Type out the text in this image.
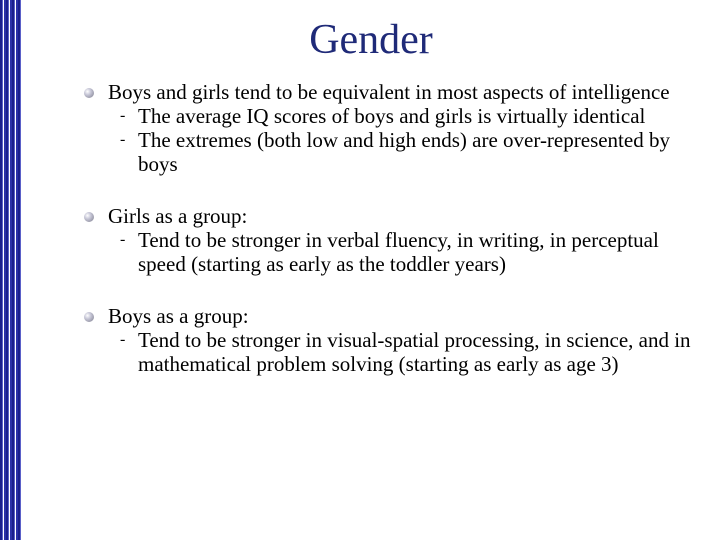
Gender
Boys and girls tend to be equivalent in most aspects of intelligence
- The average IQ scores of boys and girls is virtually identical
- The extremes (both low and high ends) are over-represented by boys
Girls as a group:
- Tend to be stronger in verbal fluency, in writing, in perceptual speed (starting as early as the toddler years)
Boys as a group:
- Tend to be stronger in visual-spatial processing, in science, and in mathematical problem solving (starting as early as age 3)
